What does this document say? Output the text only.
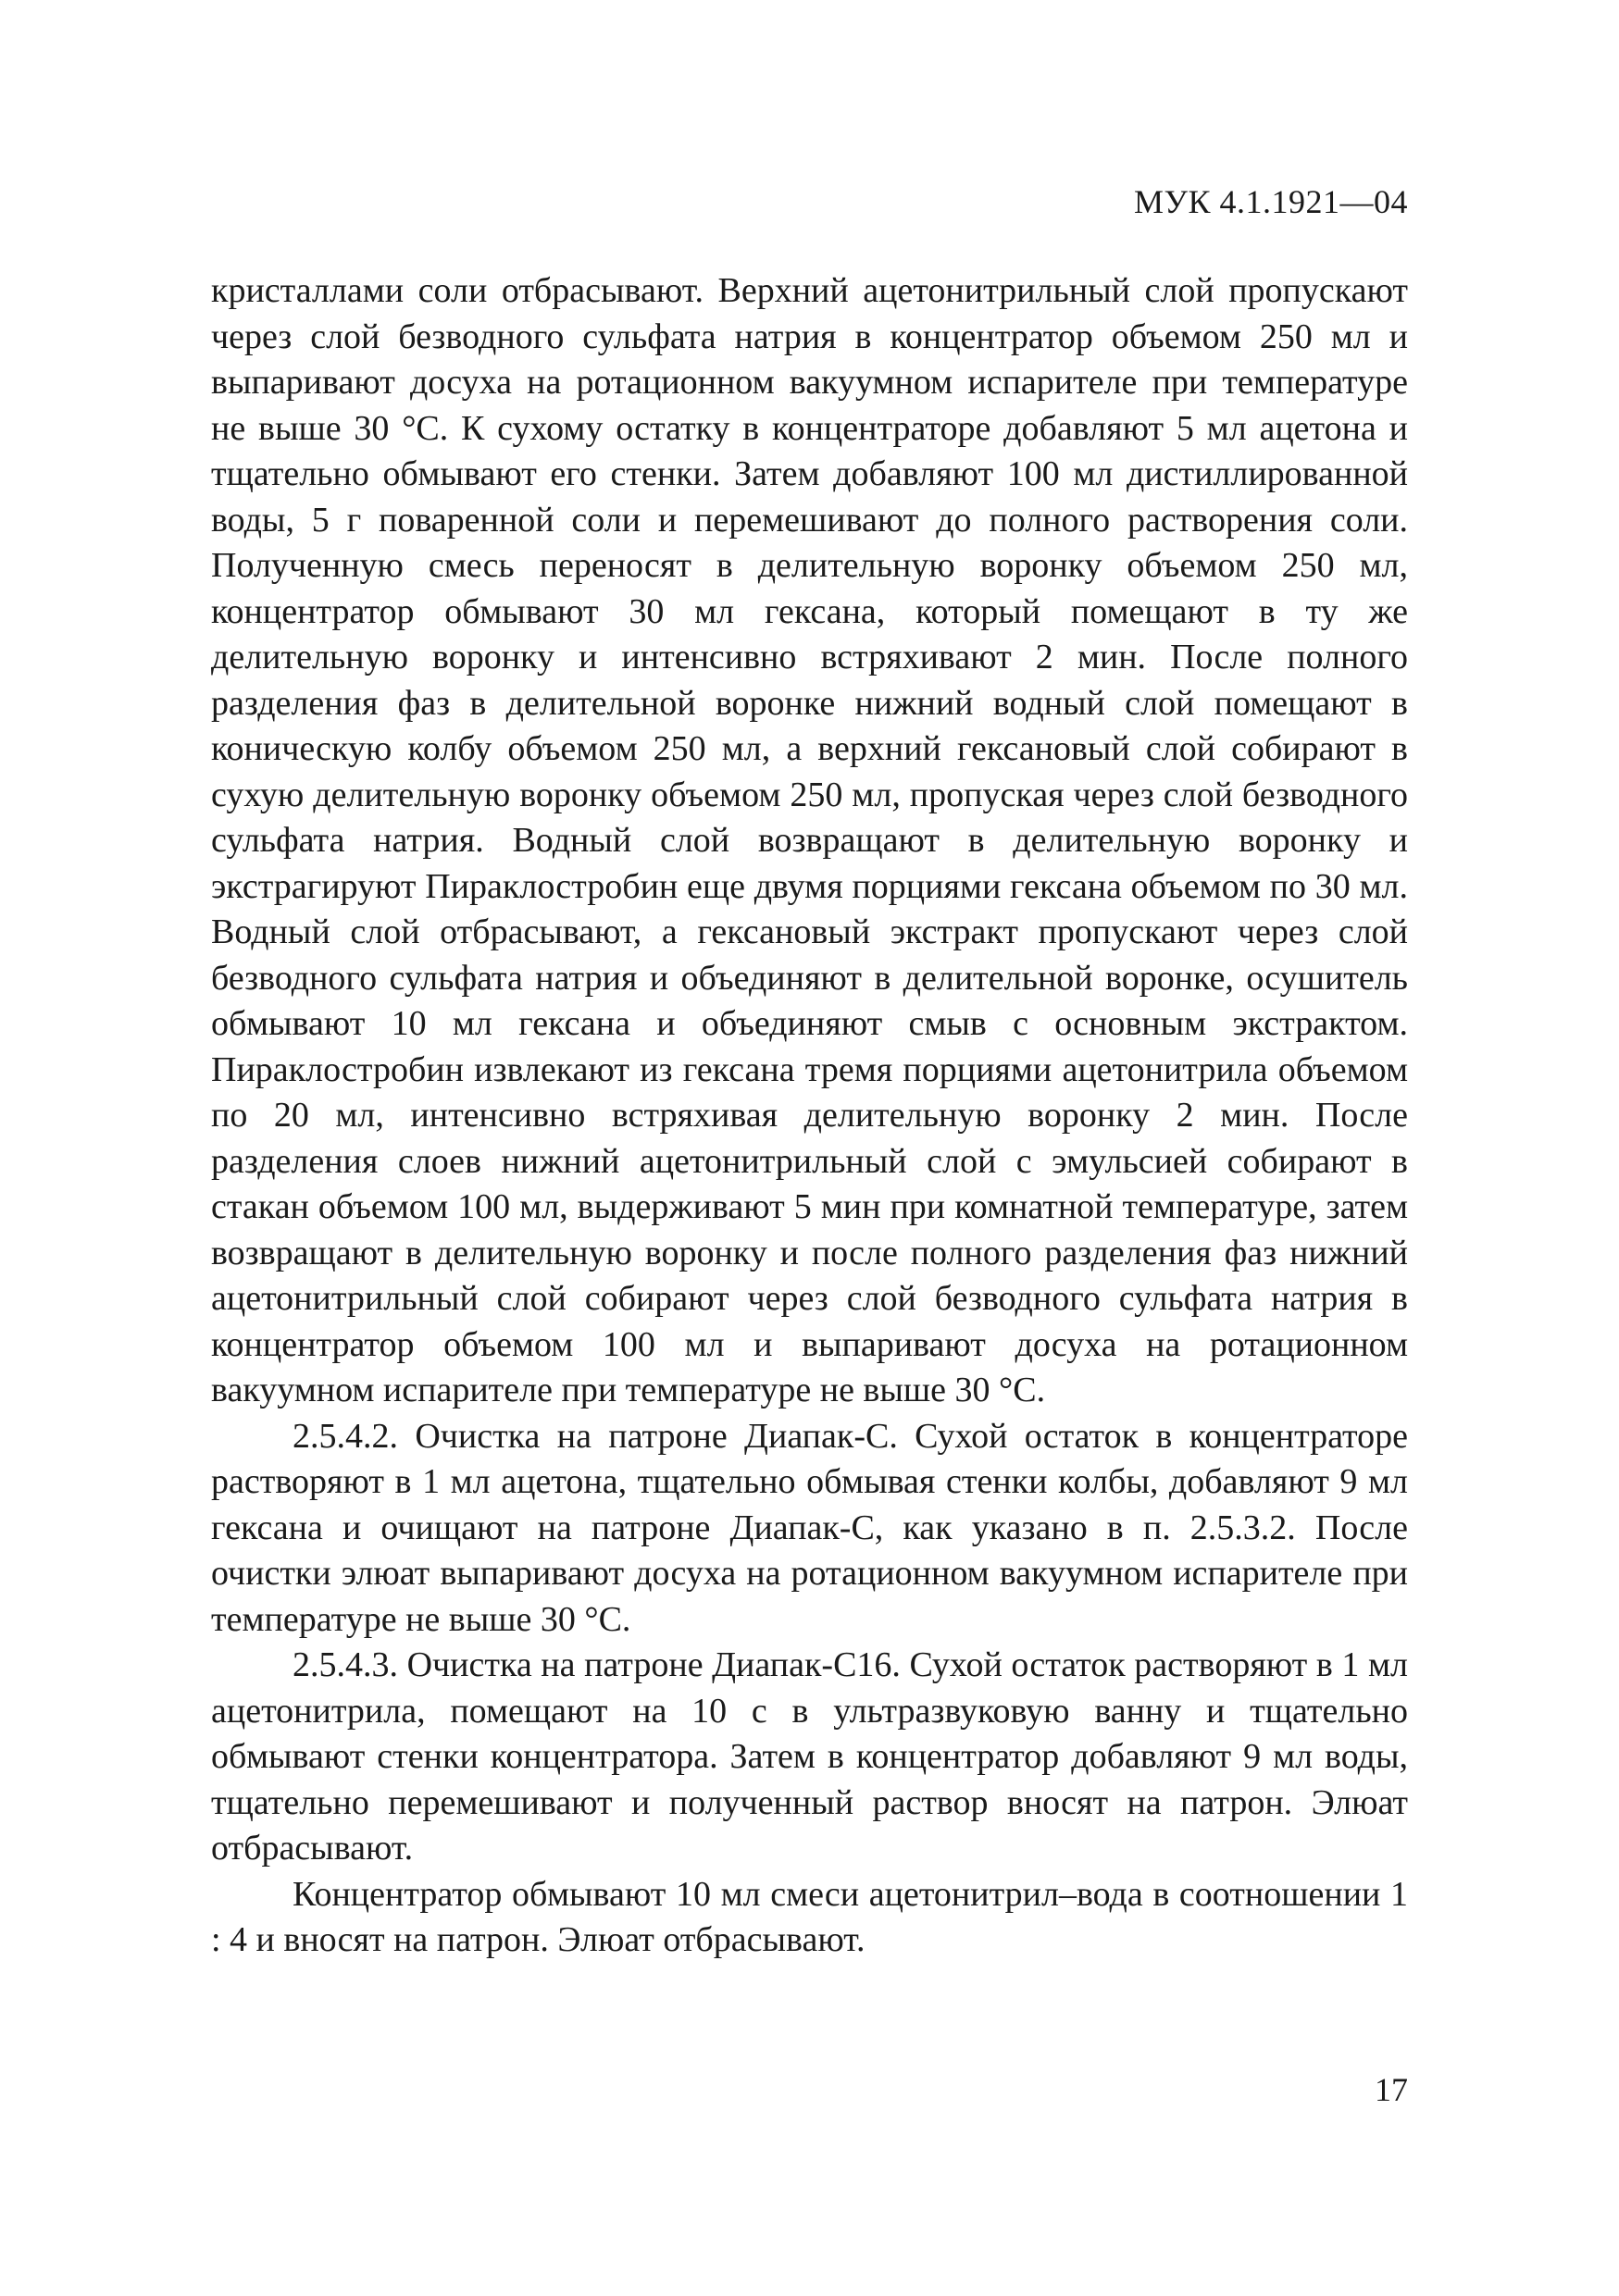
МУК 4.1.1921—04

кристаллами соли отбрасывают. Верхний ацетонитрильный слой пропускают через слой безводного сульфата натрия в концентратор объемом 250 мл и выпаривают досуха на ротационном вакуумном испарителе при температуре не выше 30 °С. К сухому остатку в концентраторе добавляют 5 мл ацетона и тщательно обмывают его стенки. Затем добавляют 100 мл дистиллированной воды, 5 г поваренной соли и перемешивают до полного растворения соли. Полученную смесь переносят в делительную воронку объемом 250 мл, концентратор обмывают 30 мл гексана, который помещают в ту же делительную воронку и интенсивно встряхивают 2 мин. После полного разделения фаз в делительной воронке нижний водный слой помещают в коническую колбу объемом 250 мл, а верхний гексановый слой собирают в сухую делительную воронку объемом 250 мл, пропуская через слой безводного сульфата натрия. Водный слой возвращают в делительную воронку и экстрагируют Пираклостробин еще двумя порциями гексана объемом по 30 мл. Водный слой отбрасывают, а гексановый экстракт пропускают через слой безводного сульфата натрия и объединяют в делительной воронке, осушитель обмывают 10 мл гексана и объединяют смыв с основным экстрактом. Пираклостробин извлекают из гексана тремя порциями ацетонитрила объемом по 20 мл, интенсивно встряхивая делительную воронку 2 мин. После разделения слоев нижний ацетонитрильный слой с эмульсией собирают в стакан объемом 100 мл, выдерживают 5 мин при комнатной температуре, затем возвращают в делительную воронку и после полного разделения фаз нижний ацетонитрильный слой собирают через слой безводного сульфата натрия в концентратор объемом 100 мл и выпаривают досуха на ротационном вакуумном испарителе при температуре не выше 30 °С.

2.5.4.2. Очистка на патроне Диапак-С. Сухой остаток в концентраторе растворяют в 1 мл ацетона, тщательно обмывая стенки колбы, добавляют 9 мл гексана и очищают на патроне Диапак-С, как указано в п. 2.5.3.2. После очистки элюат выпаривают досуха на ротационном вакуумном испарителе при температуре не выше 30 °С.

2.5.4.3. Очистка на патроне Диапак-С16. Сухой остаток растворяют в 1 мл ацетонитрила, помещают на 10 с в ультразвуковую ванну и тщательно обмывают стенки концентратора. Затем в концентратор добавляют 9 мл воды, тщательно перемешивают и полученный раствор вносят на патрон. Элюат отбрасывают.

Концентратор обмывают 10 мл смеси ацетонитрил–вода в соотношении 1 : 4 и вносят на патрон. Элюат отбрасывают.

17
